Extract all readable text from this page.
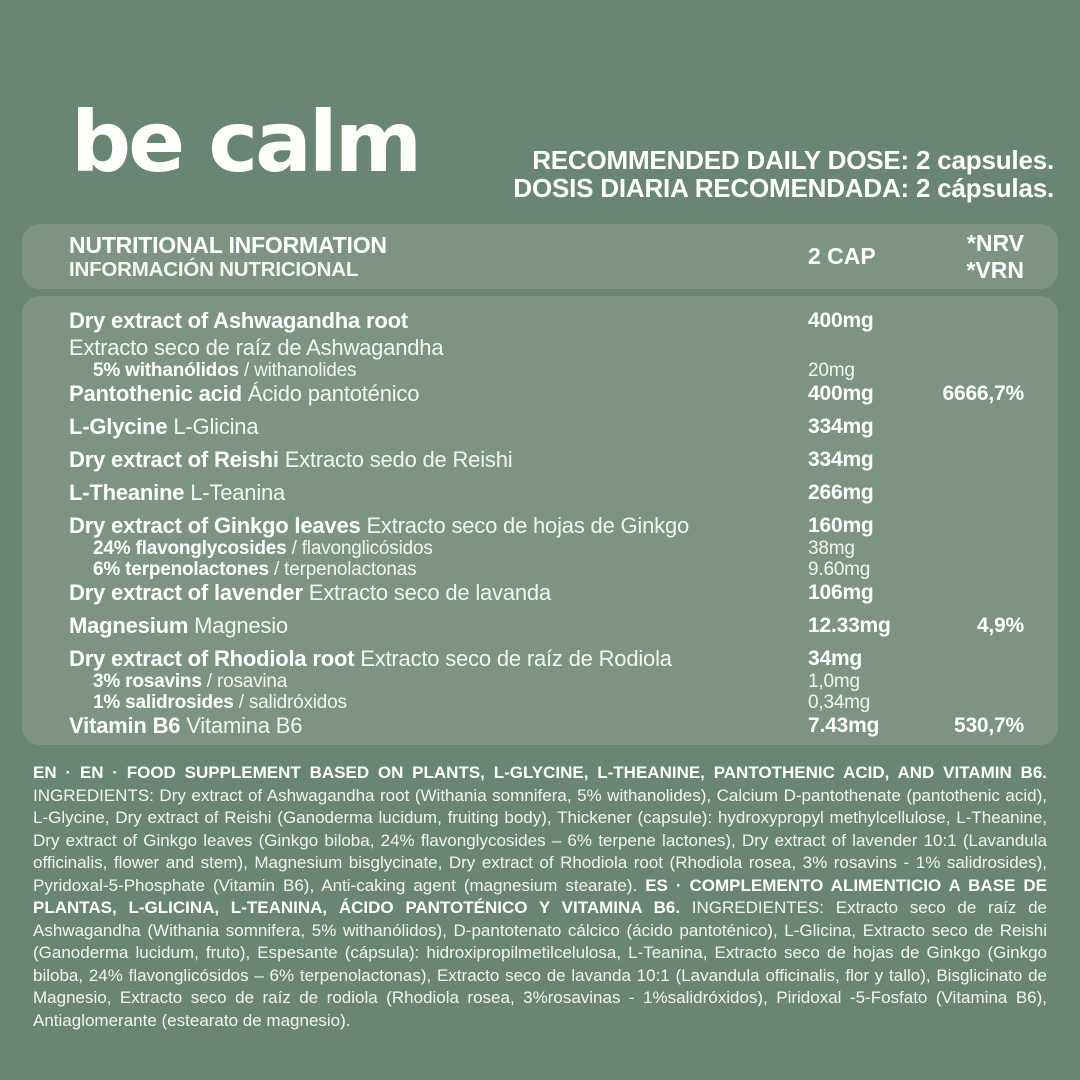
be calm	RECOMMENDED DAILY DOSE: 2 capsules.
DOSIS DIARIA RECOMENDADA: 2 cápsulas.
NUTRITIONAL INFORMATION
INFORMACIÓN NUTRICIONAL	2 CAP
*NRV
*VRN
Dry extract of Ashwagandha root	400mg
Extracto seco de raíz de Ashwagandha
5% withanólidos / withanolides	20mg
Pantothenic acid Ácido pantoténico	400mg	6666,7%
L-Glycine L-Glicina	334mg
Dry extract of Reishi Extracto sedo de Reishi	334mg
L-Theanine L-Teanina	266mg
Dry extract of Ginkgo leaves Extracto seco de hojas de Ginkgo	160mg
24% flavonglycosides / flavonglicósidos	38mg
6% terpenolactones / terpenolactonas	9.60mg
Dry extract of lavender Extracto seco de lavanda	106mg
Magnesium Magnesio	12.33mg	4,9%
Dry extract of Rhodiola root Extracto seco de raíz de Rodiola	34mg
3% rosavins / rosavina	1,0mg
1% salidrosides / salidróxidos	0,34mg
Vitamin B6 Vitamina B6	7.43mg	530,7%

EN · EN · FOOD SUPPLEMENT BASED ON PLANTS, L-GLYCINE, L-THEANINE, PANTOTHENIC ACID, AND VITAMIN B6. INGREDIENTS: Dry extract of Ashwagandha root (Withania somnifera, 5% withanolides), Calcium D-pantothenate (pantothenic acid), L-Glycine, Dry extract of Reishi (Ganoderma lucidum, fruiting body), Thickener (capsule): hydroxypropyl methylcellulose, L-Theanine, Dry extract of Ginkgo leaves (Ginkgo biloba, 24% flavonglycosides – 6% terpene lactones), Dry extract of lavender 10:1 (Lavandula officinalis, flower and stem), Magnesium bisglycinate, Dry extract of Rhodiola root (Rhodiola rosea, 3% rosavins - 1% salidrosides), Pyridoxal-5-Phosphate (Vitamin B6), Anti-caking agent (magnesium stearate). ES · COMPLEMENTO ALIMENTICIO A BASE DE PLANTAS, L-GLICINA, L-TEANINA, ÁCIDO PANTOTÉNICO Y VITAMINA B6. INGREDIENTES: Extracto seco de raíz de Ashwagandha (Withania somnifera, 5% withanólidos), D-pantotenato cálcico (ácido pantoténico), L-Glicina, Extracto seco de Reishi (Ganoderma lucidum, fruto), Espesante (cápsula): hidroxipropilmetilcelulosa, L-Teanina, Extracto seco de hojas de Ginkgo (Ginkgo biloba, 24% flavonglicósidos – 6% terpenolactonas), Extracto seco de lavanda 10:1 (Lavandula officinalis, flor y tallo), Bisglicinato de Magnesio, Extracto seco de raíz de rodiola (Rhodiola rosea, 3%rosavinas - 1%salidróxidos), Piridoxal -5-Fosfato (Vitamina B6), Antiaglomerante (estearato de magnesio).
